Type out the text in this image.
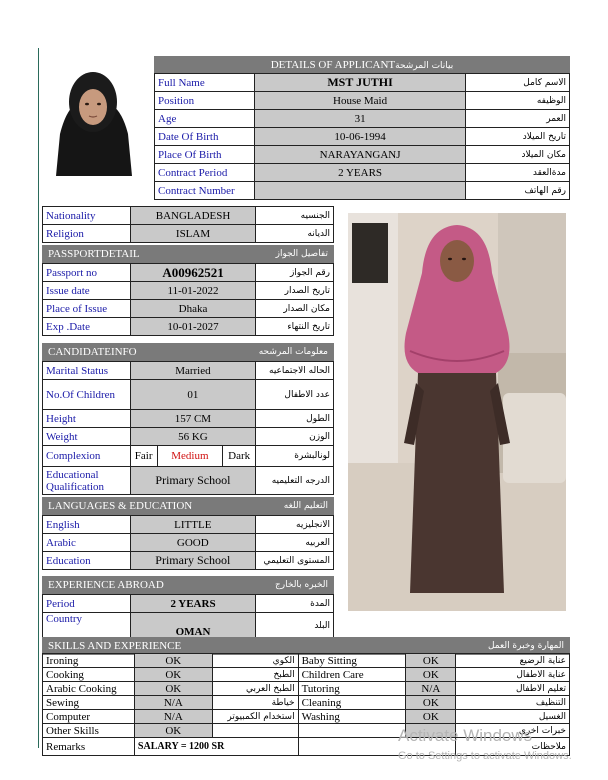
DETAILS OF APPLICANTبيانات المرشحة
Full Name	MST JUTHI	الاسم كامل
Position	House Maid	الوظيفه
Age	31	العمر
Date Of Birth	10-06-1994	تاريخ الميلاد
Place Of Birth	NARAYANGANJ	مكان الميلاد
Contract Period	2 YEARS	مدةالعقد
Contract Number		رقم الهاتف
Nationality	BANGLADESH	الجنسيه
Religion	ISLAM	الديانه
PASSPORTDETAIL	تفاصيل الجواز
Passport no	A00962521	رقم الجواز
Issue date	11-01-2022	تاريخ الصدار
Place of Issue	Dhaka	مكان الصدار
Exp .Date	10-01-2027	تاريخ النتهاء
CANDIDATEINFO	معلومات المرشحه
Marital Status	Married	الحاله الاجتماعيه
No.Of Children	01	عدد الاطفال
Height	157 CM	الطول
Weight	56 KG	الوزن
Complexion	Fair Medium Dark	لونالبشرة
Educational Qualification	Primary School	الدرجه التعليميه
LANGUAGES & EDUCATION	التعليم اللغه
English	LITTLE	الانجليزيه
Arabic	GOOD	العربيه
Education	Primary School	المستوى التعليمي
EXPERIENCE ABROAD	الخبره بالخارج
Period	2 YEARS	المدة
Country	OMAN	البلد
SKILLS AND EXPERIENCE	المهارة وخبرة العمل
Ironing	OK	الكوي	Baby Sitting	OK	عناية الرضيع
Cooking	OK	الطبخ	Children Care	OK	عناية الاطفال
Arabic Cooking	OK	الطبخ العربي	Tutoring	N/A	تعليم الاطفال
Sewing	N/A	خياطة	Cleaning	OK	التنظيف
Computer	N/A	استخدام الكمبيوتر	Washing	OK	الغسيل
Other Skills	OK				خبرات اخرى
Remarks	SALARY = 1200 SR				ملاحظات
Activate Windows
Go to Settings to activate Windows.
